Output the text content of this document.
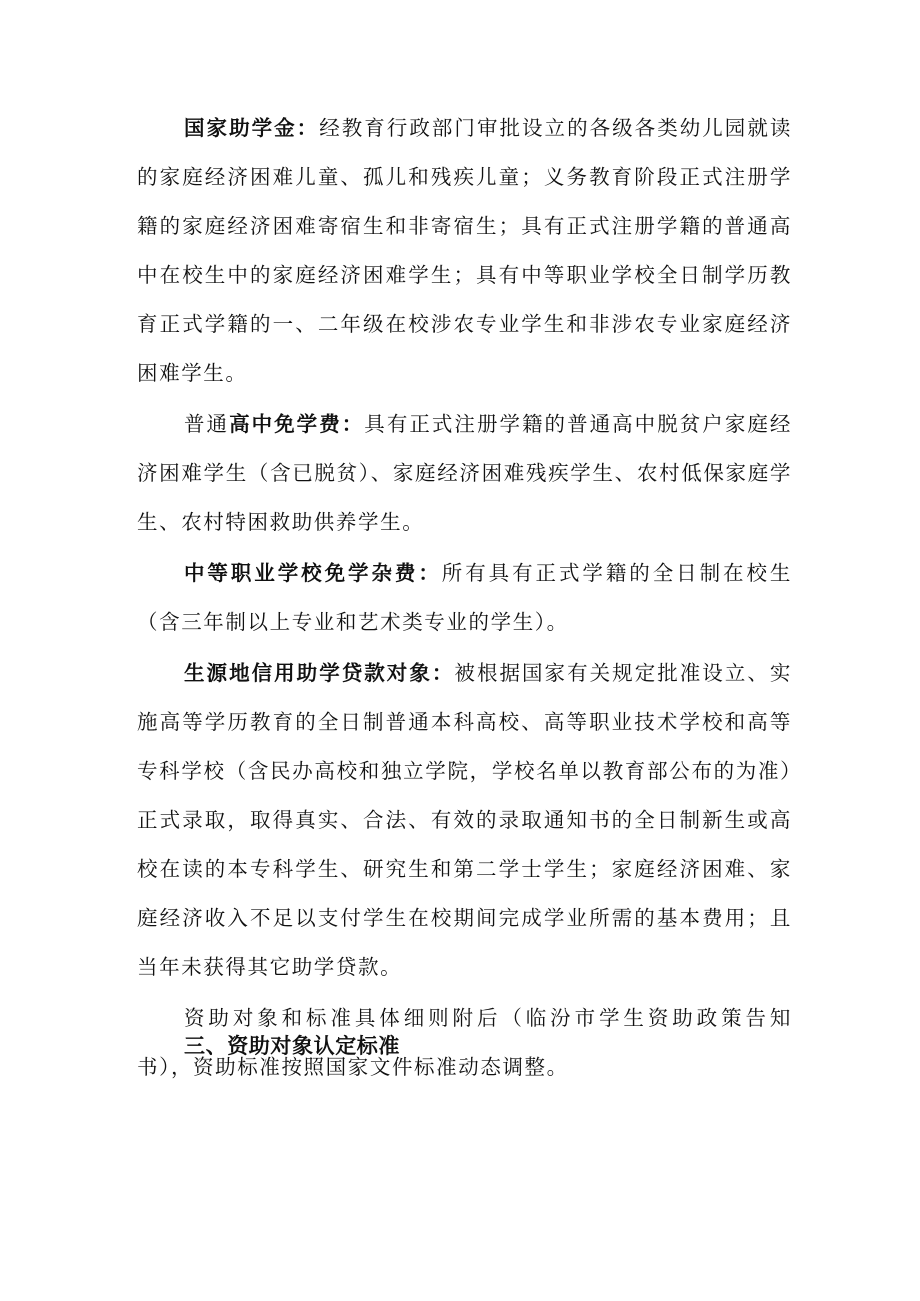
国家助学金：经教育行政部门审批设立的各级各类幼儿园就读的家庭经济困难儿童、孤儿和残疾儿童；义务教育阶段正式注册学籍的家庭经济困难寄宿生和非寄宿生；具有正式注册学籍的普通高中在校生中的家庭经济困难学生；具有中等职业学校全日制学历教育正式学籍的一、二年级在校涉农专业学生和非涉农专业家庭经济困难学生。

普通高中免学费：具有正式注册学籍的普通高中脱贫户家庭经济困难学生（含已脱贫）、家庭经济困难残疾学生、农村低保家庭学生、农村特困救助供养学生。

中等职业学校免学杂费：所有具有正式学籍的全日制在校生（含三年制以上专业和艺术类专业的学生）。

生源地信用助学贷款对象：被根据国家有关规定批准设立、实施高等学历教育的全日制普通本科高校、高等职业技术学校和高等专科学校（含民办高校和独立学院，学校名单以教育部公布的为准）正式录取，取得真实、合法、有效的录取通知书的全日制新生或高校在读的本专科学生、研究生和第二学士学生；家庭经济困难、家庭经济收入不足以支付学生在校期间完成学业所需的基本费用；且当年未获得其它助学贷款。

资助对象和标准具体细则附后（临汾市学生资助政策告知书），资助标准按照国家文件标准动态调整。

三、资助对象认定标准
